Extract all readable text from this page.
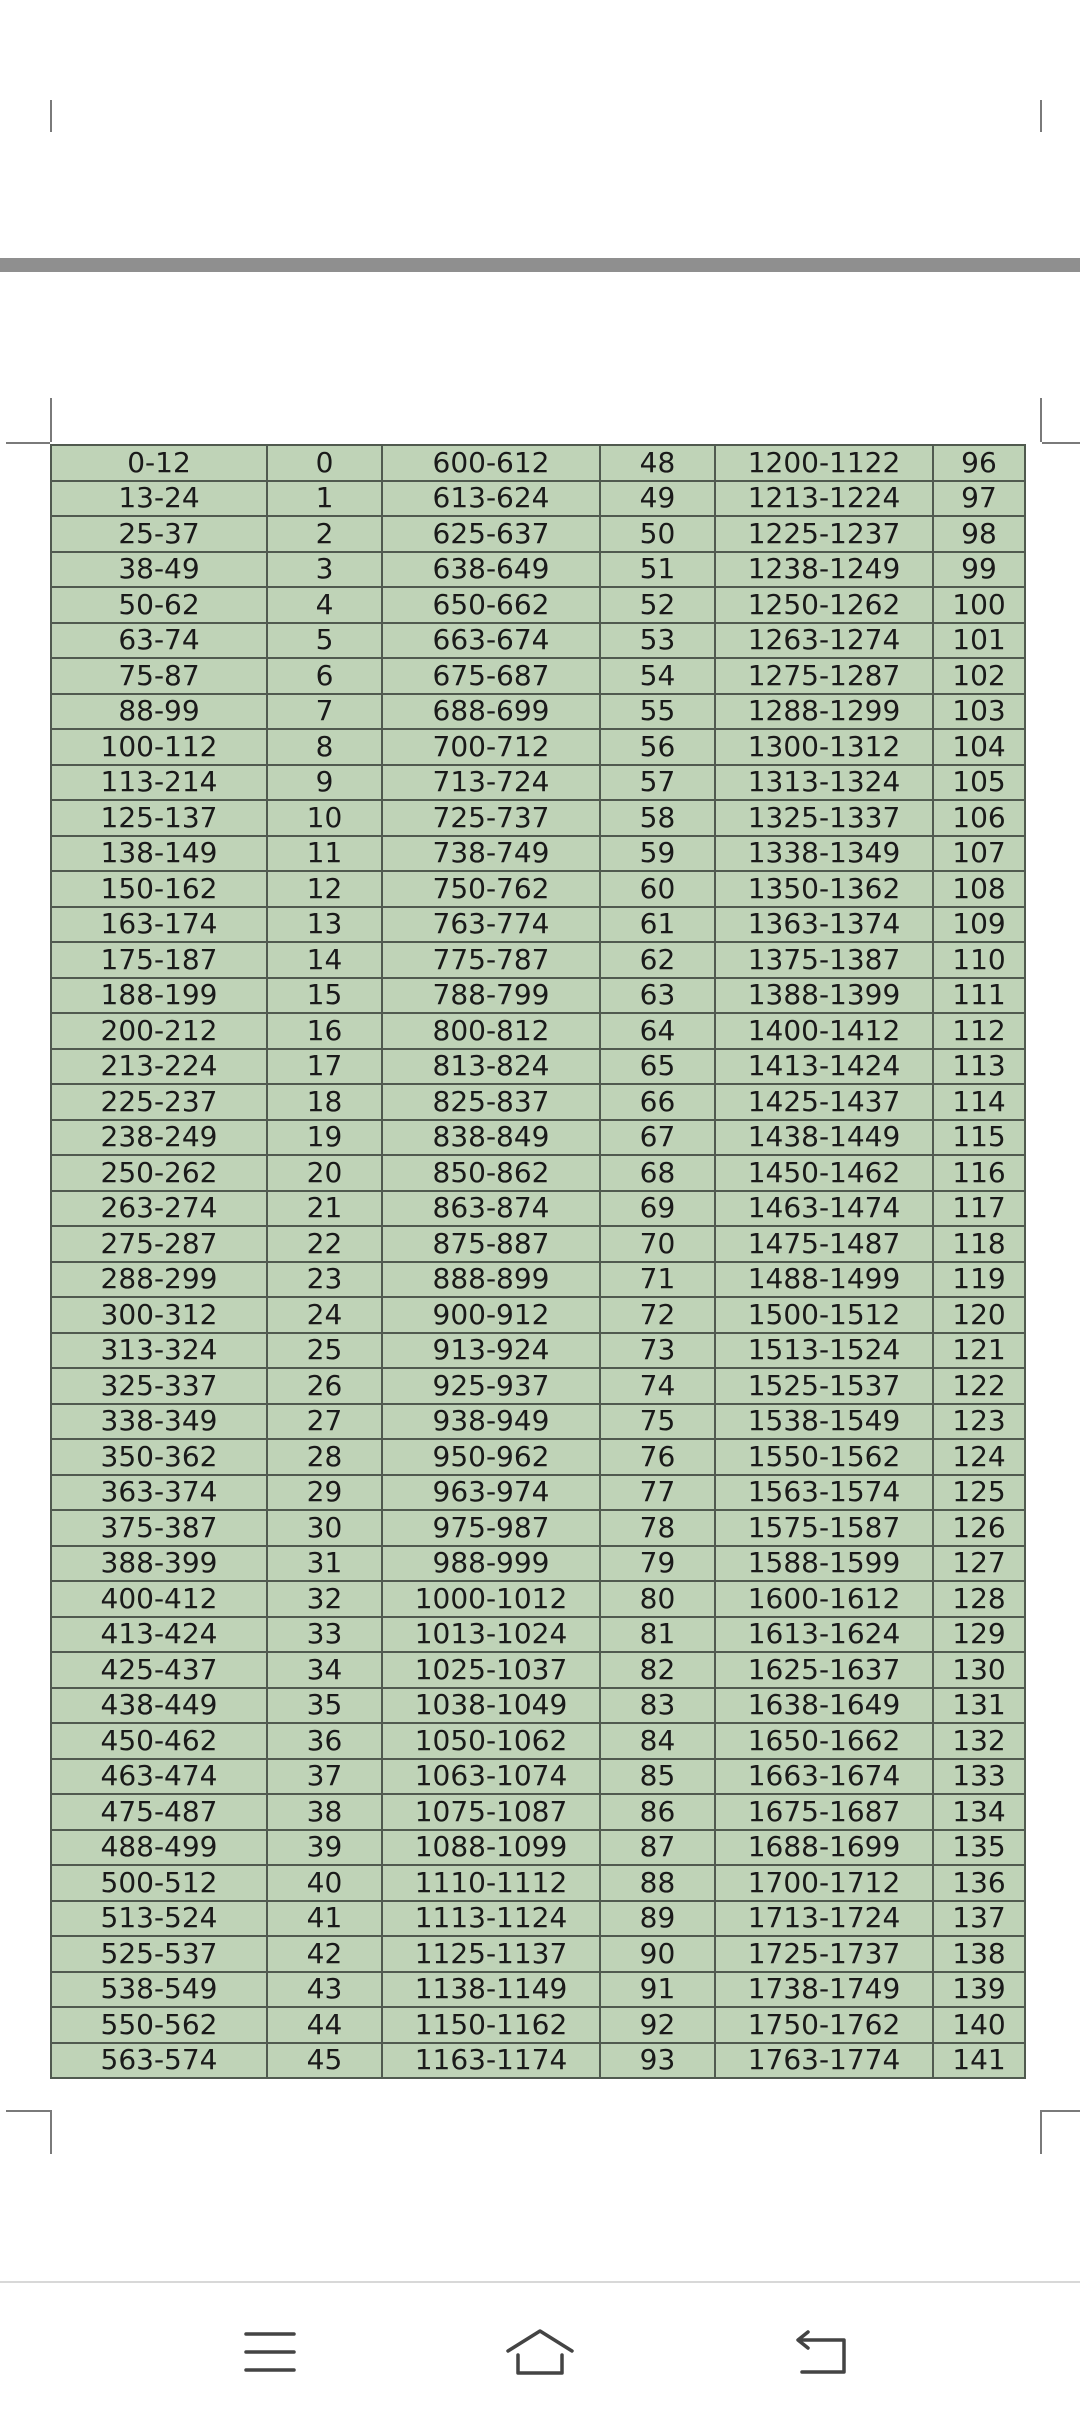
0-12	0	600-612	48	1200-1122	96
13-24	1	613-624	49	1213-1224	97
25-37	2	625-637	50	1225-1237	98
38-49	3	638-649	51	1238-1249	99
50-62	4	650-662	52	1250-1262	100
63-74	5	663-674	53	1263-1274	101
75-87	6	675-687	54	1275-1287	102
88-99	7	688-699	55	1288-1299	103
100-112	8	700-712	56	1300-1312	104
113-214	9	713-724	57	1313-1324	105
125-137	10	725-737	58	1325-1337	106
138-149	11	738-749	59	1338-1349	107
150-162	12	750-762	60	1350-1362	108
163-174	13	763-774	61	1363-1374	109
175-187	14	775-787	62	1375-1387	110
188-199	15	788-799	63	1388-1399	111
200-212	16	800-812	64	1400-1412	112
213-224	17	813-824	65	1413-1424	113
225-237	18	825-837	66	1425-1437	114
238-249	19	838-849	67	1438-1449	115
250-262	20	850-862	68	1450-1462	116
263-274	21	863-874	69	1463-1474	117
275-287	22	875-887	70	1475-1487	118
288-299	23	888-899	71	1488-1499	119
300-312	24	900-912	72	1500-1512	120
313-324	25	913-924	73	1513-1524	121
325-337	26	925-937	74	1525-1537	122
338-349	27	938-949	75	1538-1549	123
350-362	28	950-962	76	1550-1562	124
363-374	29	963-974	77	1563-1574	125
375-387	30	975-987	78	1575-1587	126
388-399	31	988-999	79	1588-1599	127
400-412	32	1000-1012	80	1600-1612	128
413-424	33	1013-1024	81	1613-1624	129
425-437	34	1025-1037	82	1625-1637	130
438-449	35	1038-1049	83	1638-1649	131
450-462	36	1050-1062	84	1650-1662	132
463-474	37	1063-1074	85	1663-1674	133
475-487	38	1075-1087	86	1675-1687	134
488-499	39	1088-1099	87	1688-1699	135
500-512	40	1110-1112	88	1700-1712	136
513-524	41	1113-1124	89	1713-1724	137
525-537	42	1125-1137	90	1725-1737	138
538-549	43	1138-1149	91	1738-1749	139
550-562	44	1150-1162	92	1750-1762	140
563-574	45	1163-1174	93	1763-1774	141
